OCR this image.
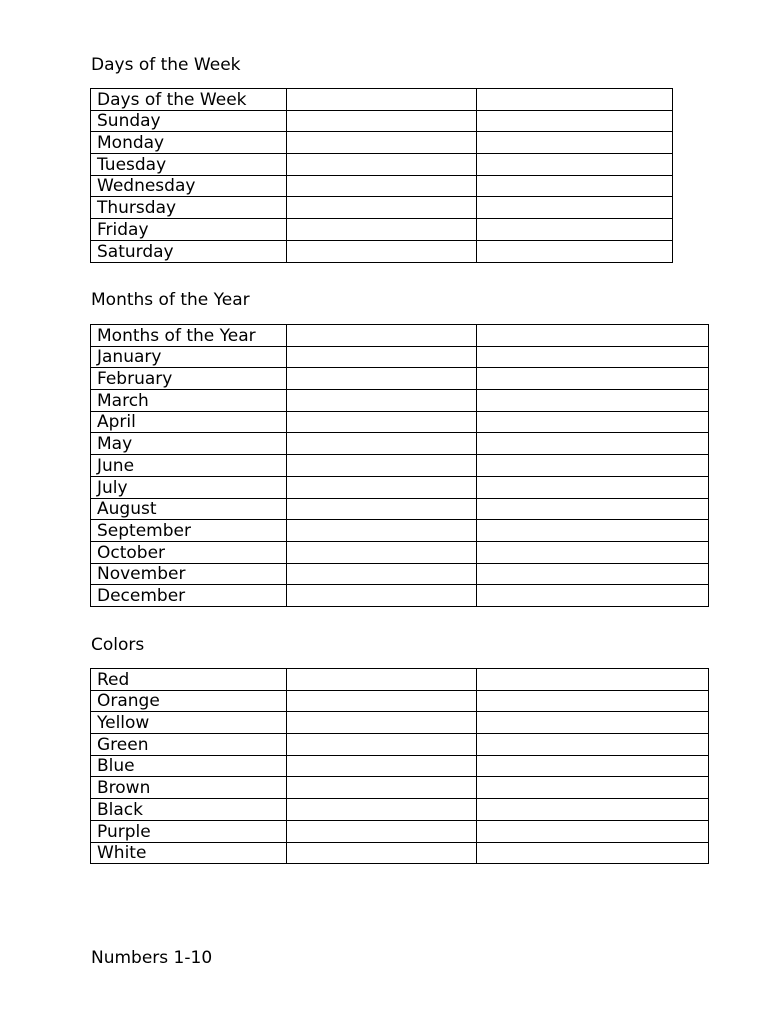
Days of the Week

Days of the Week		
Sunday		
Monday		
Tuesday		
Wednesday		
Thursday		
Friday		
Saturday		

Months of the Year

Months of the Year		
January		
February		
March		
April		
May		
June		
July		
August		
September		
October		
November		
December		

Colors

Red		
Orange		
Yellow		
Green		
Blue		
Brown		
Black		
Purple		
White		

Numbers 1-10
